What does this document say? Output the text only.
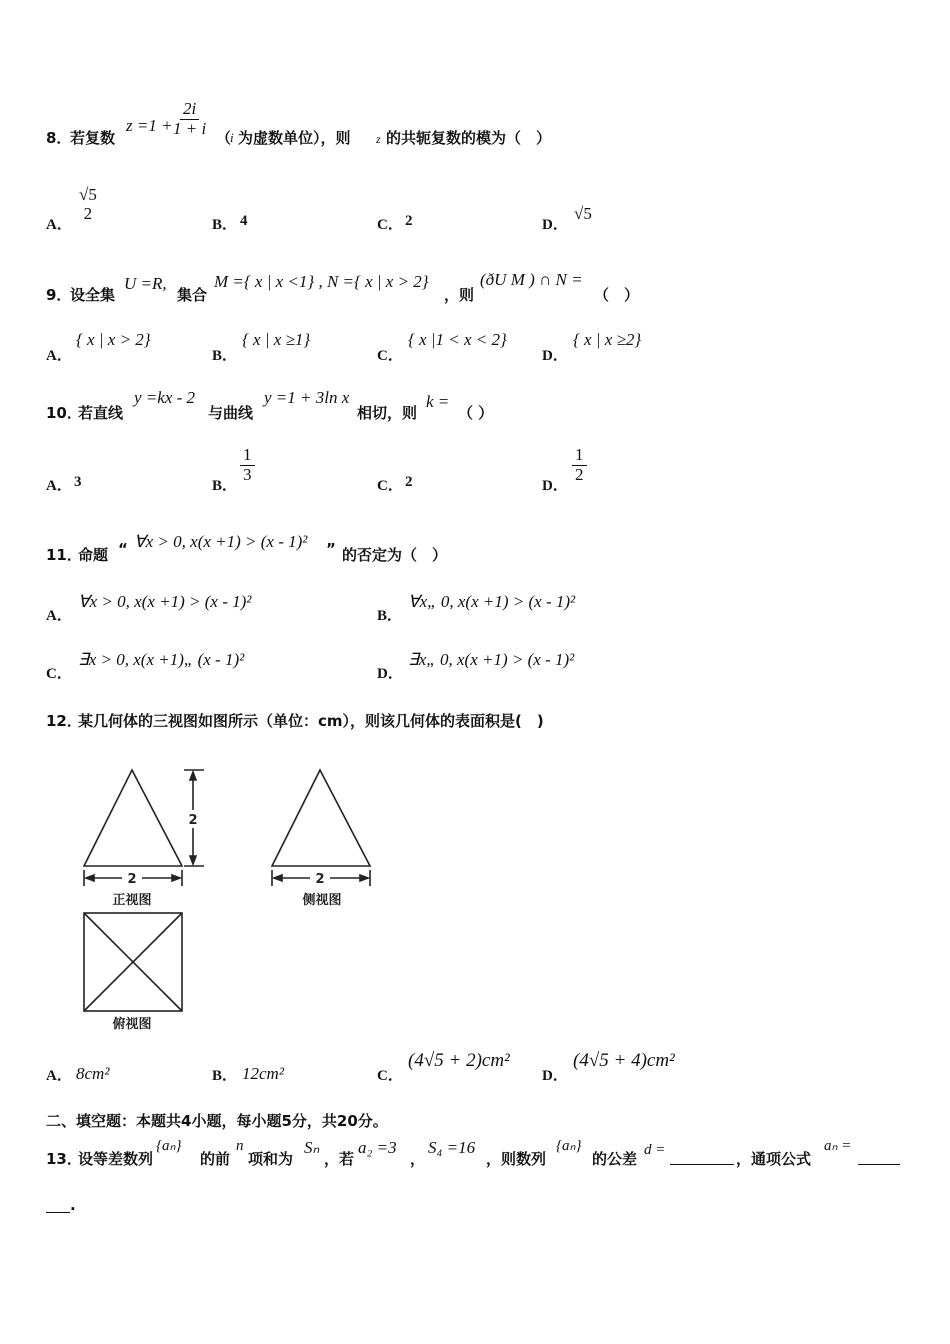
8．
若复数
z =1 +
$\frac{2i}{1 + i}$ （
i 为虚数单位），则 z 的共轭复数的模为（　）
A．
√5
2
B． 4	C． 2	D．
√5
9．
设全集
U =R,
集合
M ={ x | x <1} , N ={ x | x > 2}
，则
(ðU M ) ∩ N =
（　）
A．
{ x | x > 2}
B．
{ x | x ≥1}
C．
{ x |1 < x < 2}
D．
{ x | x ≥2}
10．
若直线
y =kx - 2
与曲线
y =1 + 3ln x
相切，则
k =
（ ）
A． 3	B．
$\frac{1}{3}$
C． 2	D．
$\frac{1}{2}$
11．
命题 “ ∀x > 0, x(x +1) > (x - 1)² ” 的否定为（　）
A．
∀x > 0, x(x +1) > (x - 1)²
B．
∀x„ 0, x(x +1) > (x - 1)²
C．
∃x > 0, x(x +1)„ (x - 1)²
D．
∃x„ 0, x(x +1) > (x - 1)²
12．
某几何体的三视图如图所示（单位：cm），则该几何体的表面积是(　)
2
2
正视图
2
侧视图
俯视图
A． 8cm²	B． 12cm²	C．
(4√5 + 2)cm²
D．
(4√5 + 4)cm²
二、填空题：本题共4小题，每小题5分，共20分。
13．
设等差数列
{aₙ}
的前
n
项和为
Sₙ
，若
a₂ =3
，
S₄ =16
，则数列
{aₙ}
的公差 d =	，通项公式
aₙ =
.
